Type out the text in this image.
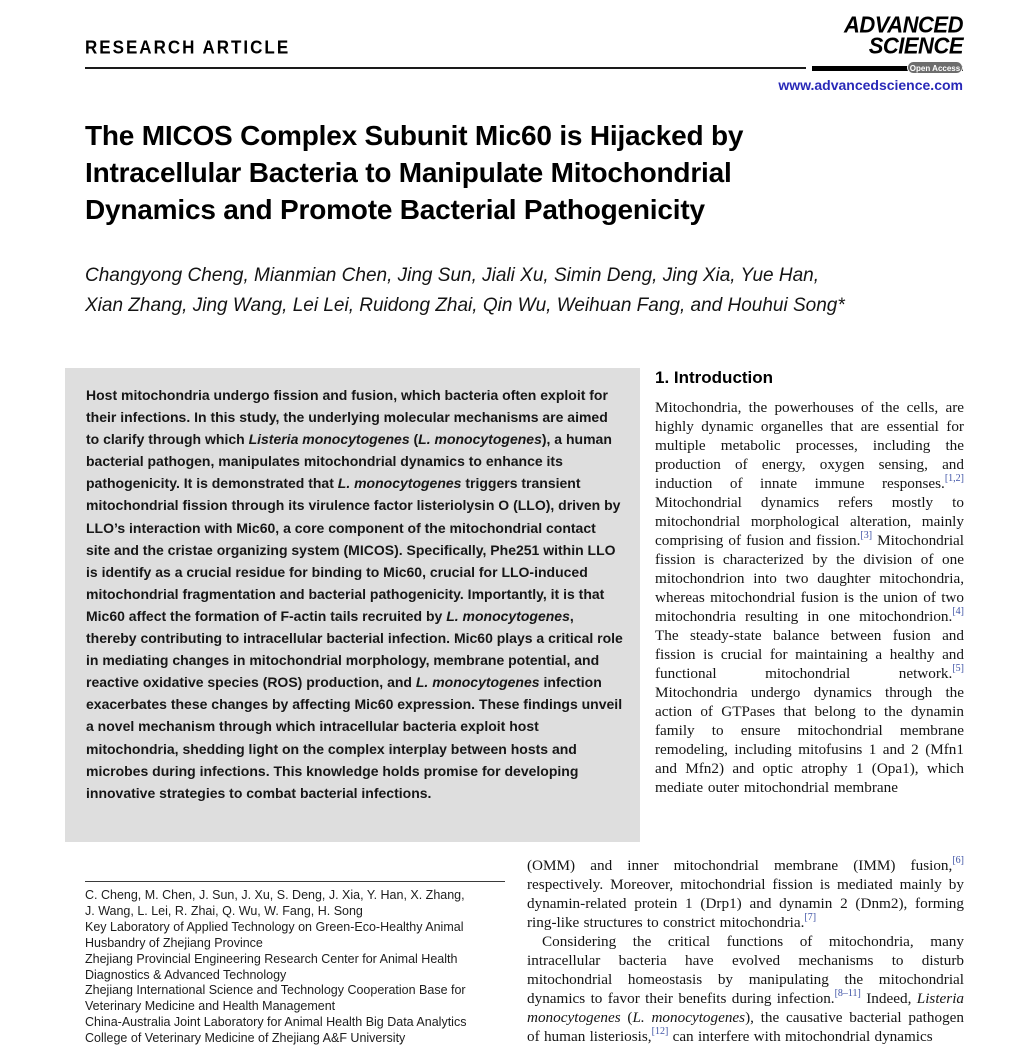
RESEARCH ARTICLE
ADVANCED
SCIENCE
Open Access
www.advancedscience.com
The MICOS Complex Subunit Mic60 is Hijacked by
Intracellular Bacteria to Manipulate Mitochondrial
Dynamics and Promote Bacterial Pathogenicity
Changyong Cheng, Mianmian Chen, Jing Sun, Jiali Xu, Simin Deng, Jing Xia, Yue Han,
Xian Zhang, Jing Wang, Lei Lei, Ruidong Zhai, Qin Wu, Weihuan Fang, and Houhui Song*

Host mitochondria undergo fission and fusion, which bacteria often exploit for their infections. In this study, the underlying molecular mechanisms are aimed to clarify through which Listeria monocytogenes (L. monocytogenes), a human bacterial pathogen, manipulates mitochondrial dynamics to enhance its pathogenicity. It is demonstrated that L. monocytogenes triggers transient mitochondrial fission through its virulence factor listeriolysin O (LLO), driven by LLO’s interaction with Mic60, a core component of the mitochondrial contact site and the cristae organizing system (MICOS). Specifically, Phe251 within LLO is identify as a crucial residue for binding to Mic60, crucial for LLO-induced mitochondrial fragmentation and bacterial pathogenicity. Importantly, it is that Mic60 affect the formation of F-actin tails recruited by L. monocytogenes, thereby contributing to intracellular bacterial infection. Mic60 plays a critical role in mediating changes in mitochondrial morphology, membrane potential, and reactive oxidative species (ROS) production, and L. monocytogenes infection exacerbates these changes by affecting Mic60 expression. These findings unveil a novel mechanism through which intracellular bacteria exploit host mitochondria, shedding light on the complex interplay between hosts and microbes during infections. This knowledge holds promise for developing innovative strategies to combat bacterial infections.

1. Introduction
Mitochondria, the powerhouses of the cells, are highly dynamic organelles that are essential for multiple metabolic processes, including the production of energy, oxygen sensing, and induction of innate immune responses.[1,2] Mitochondrial dynamics refers mostly to mitochondrial morphological alteration, mainly comprising of fusion and fission.[3] Mitochondrial fission is characterized by the division of one mitochondrion into two daughter mitochondria, whereas mitochondrial fusion is the union of two mitochondria resulting in one mitochondrion.[4] The steady-state balance between fusion and fission is crucial for maintaining a healthy and functional mitochondrial network.[5] Mitochondria undergo dynamics through the action of GTPases that belong to the dynamin family to ensure mitochondrial membrane remodeling, including mitofusins 1 and 2 (Mfn1 and Mfn2) and optic atrophy 1 (Opa1), which mediate outer mitochondrial membrane

(OMM) and inner mitochondrial membrane (IMM) fusion,[6] respectively. Moreover, mitochondrial fission is mediated mainly by dynamin-related protein 1 (Drp1) and dynamin 2 (Dnm2), forming ring-like structures to constrict mitochondria.[7]

Considering the critical functions of mitochondria, many intracellular bacteria have evolved mechanisms to disturb mitochondrial homeostasis by manipulating the mitochondrial dynamics to favor their benefits during infection.[8–11] Indeed, Listeria monocytogenes (L. monocytogenes), the causative bacterial pathogen of human listeriosis,[12] can interfere with mitochondrial dynamics

C. Cheng, M. Chen, J. Sun, J. Xu, S. Deng, J. Xia, Y. Han, X. Zhang,
J. Wang, L. Lei, R. Zhai, Q. Wu, W. Fang, H. Song
Key Laboratory of Applied Technology on Green-Eco-Healthy Animal
Husbandry of Zhejiang Province
Zhejiang Provincial Engineering Research Center for Animal Health
Diagnostics & Advanced Technology
Zhejiang International Science and Technology Cooperation Base for
Veterinary Medicine and Health Management
China-Australia Joint Laboratory for Animal Health Big Data Analytics
College of Veterinary Medicine of Zhejiang A&F University
